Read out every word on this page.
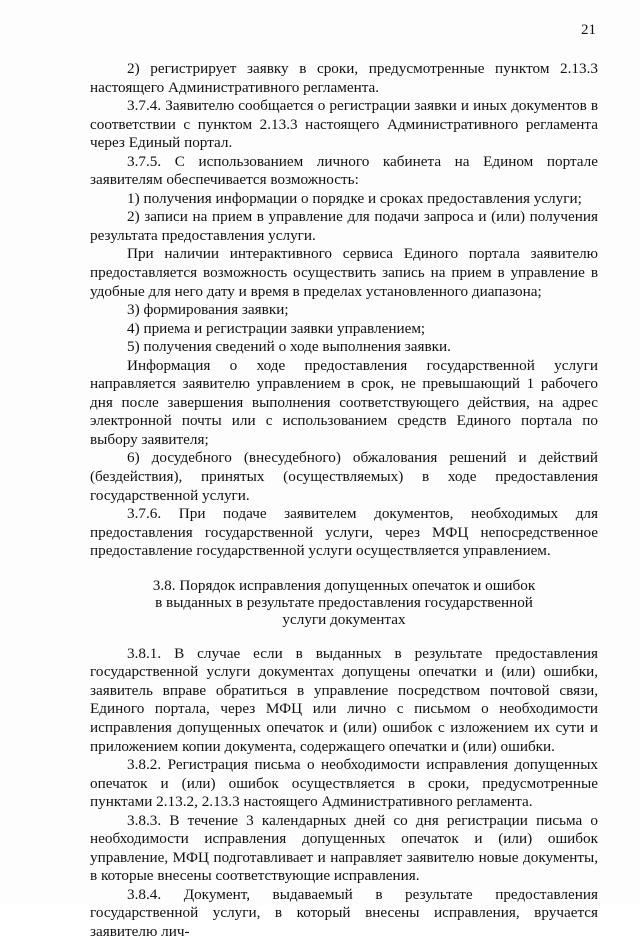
21

2) регистрирует заявку в сроки, предусмотренные пунктом 2.13.3 настоящего Административного регламента.

3.7.4. Заявителю сообщается о регистрации заявки и иных документов в соответствии с пунктом 2.13.3 настоящего Административного регламента через Единый портал.

3.7.5. С использованием личного кабинета на Едином портале заявителям обеспечивается возможность:

1) получения информации о порядке и сроках предоставления услуги;

2) записи на прием в управление для подачи запроса и (или) получения результата предоставления услуги.

При наличии интерактивного сервиса Единого портала заявителю предоставляется возможность осуществить запись на прием в управление в удобные для него дату и время в пределах установленного диапазона;

3) формирования заявки;

4) приема и регистрации заявки управлением;

5) получения сведений о ходе выполнения заявки.

Информация о ходе предоставления государственной услуги направляется заявителю управлением в срок, не превышающий 1 рабочего дня после завершения выполнения соответствующего действия, на адрес электронной почты или с использованием средств Единого портала по выбору заявителя;

6) досудебного (внесудебного) обжалования решений и действий (бездействия), принятых (осуществляемых) в ходе предоставления государственной услуги.

3.7.6. При подаче заявителем документов, необходимых для предоставления государственной услуги, через МФЦ непосредственное предоставление государственной услуги осуществляется управлением.

3.8. Порядок исправления допущенных опечаток и ошибок
в выданных в результате предоставления государственной
услуги документах

3.8.1. В случае если в выданных в результате предоставления государственной услуги документах допущены опечатки и (или) ошибки, заявитель вправе обратиться в управление посредством почтовой связи, Единого портала, через МФЦ или лично с письмом о необходимости исправления допущенных опечаток и (или) ошибок с изложением их сути и приложением копии документа, содержащего опечатки и (или) ошибки.

3.8.2. Регистрация письма о необходимости исправления допущенных опечаток и (или) ошибок осуществляется в сроки, предусмотренные пунктами 2.13.2, 2.13.3 настоящего Административного регламента.

3.8.3. В течение 3 календарных дней со дня регистрации письма о необходимости исправления допущенных опечаток и (или) ошибок управление, МФЦ подготавливает и направляет заявителю новые документы, в которые внесены соответствующие исправления.

3.8.4. Документ, выдаваемый в результате предоставления государственной услуги, в который внесены исправления, вручается заявителю лич-
